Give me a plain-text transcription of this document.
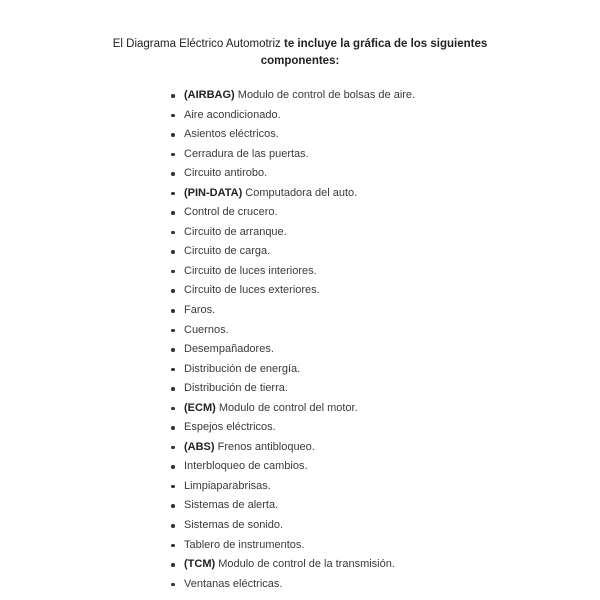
El Diagrama Eléctrico Automotriz te incluye la gráfica de los siguientes
componentes:
(AIRBAG) Modulo de control de bolsas de aire.
Aire acondicionado.
Asientos eléctricos.
Cerradura de las puertas.
Circuito antirobo.
(PIN-DATA) Computadora del auto.
Control de crucero.
Circuito de arranque.
Circuito de carga.
Circuito de luces interiores.
Circuito de luces exteriores.
Faros.
Cuernos.
Desempañadores.
Distribución de energía.
Distribución de tierra.
(ECM) Modulo de control del motor.
Espejos eléctricos.
(ABS) Frenos antibloqueo.
Interbloqueo de cambios.
Limpiaparabrisas.
Sistemas de alerta.
Sistemas de sonido.
Tablero de instrumentos.
(TCM) Modulo de control de la transmisión.
Ventanas eléctricas.
